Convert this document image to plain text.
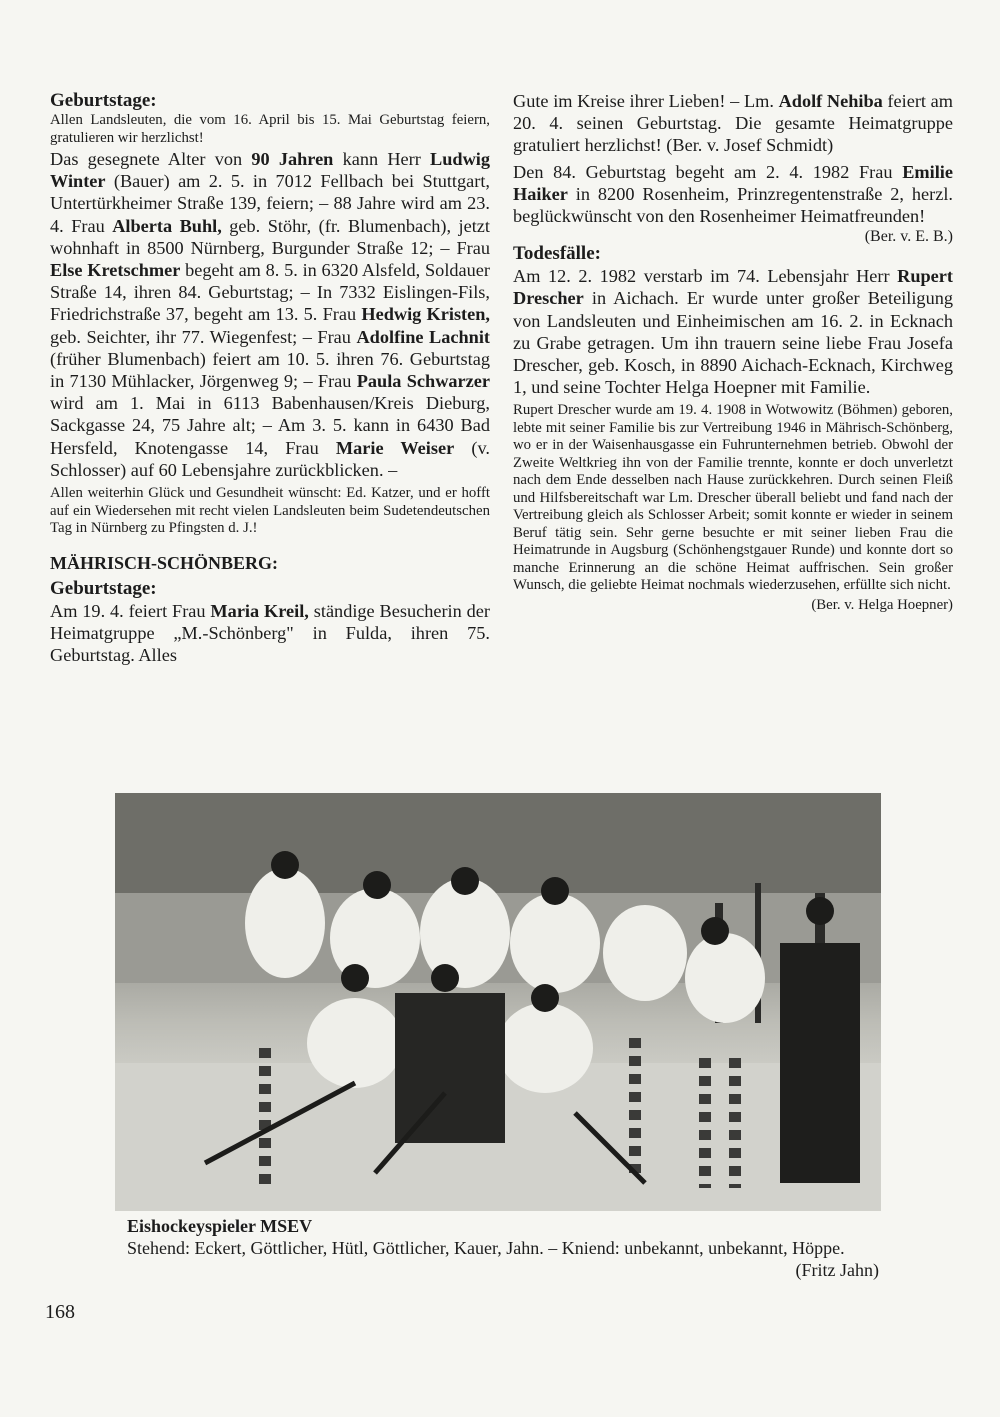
Geburtstage:

Allen Landsleuten, die vom 16. April bis 15. Mai Geburtstag feiern, gratulieren wir herzlichst!

Das gesegnete Alter von 90 Jahren kann Herr Ludwig Winter (Bauer) am 2. 5. in 7012 Fellbach bei Stuttgart, Untertürkheimer Straße 139, feiern; – 88 Jahre wird am 23. 4. Frau Alberta Buhl, geb. Stöhr, (fr. Blumenbach), jetzt wohnhaft in 8500 Nürnberg, Burgunder Straße 12; – Frau Else Kretschmer begeht am 8. 5. in 6320 Alsfeld, Soldauer Straße 14, ihren 84. Geburtstag; – In 7332 Eislingen-Fils, Friedrichstraße 37, begeht am 13. 5. Frau Hedwig Kristen, geb. Seichter, ihr 77. Wiegenfest; – Frau Adolfine Lachnit (früher Blumenbach) feiert am 10. 5. ihren 76. Geburtstag in 7130 Mühlacker, Jörgenweg 9; – Frau Paula Schwarzer wird am 1. Mai in 6113 Babenhausen/Kreis Dieburg, Sackgasse 24, 75 Jahre alt; – Am 3. 5. kann in 6430 Bad Hersfeld, Knotengasse 14, Frau Marie Weiser (v. Schlosser) auf 60 Lebensjahre zurückblicken. –

Allen weiterhin Glück und Gesundheit wünscht: Ed. Katzer, und er hofft auf ein Wiedersehen mit recht vielen Landsleuten beim Sudetendeutschen Tag in Nürnberg zu Pfingsten d. J.!

MÄHRISCH-SCHÖNBERG:

Geburtstage:

Am 19. 4. feiert Frau Maria Kreil, ständige Besucherin der Heimatgruppe „M.-Schönberg" in Fulda, ihren 75. Geburtstag. Alles

Gute im Kreise ihrer Lieben! – Lm. Adolf Nehiba feiert am 20. 4. seinen Geburtstag. Die gesamte Heimatgruppe gratuliert herzlichst! (Ber. v. Josef Schmidt)

Den 84. Geburtstag begeht am 2. 4. 1982 Frau Emilie Haiker in 8200 Rosenheim, Prinzregentenstraße 2, herzl. beglückwünscht von den Rosenheimer Heimatfreunden!

(Ber. v. E. B.)

Todesfälle:

Am 12. 2. 1982 verstarb im 74. Lebensjahr Herr Rupert Drescher in Aichach. Er wurde unter großer Beteiligung von Landsleuten und Einheimischen am 16. 2. in Ecknach zu Grabe getragen. Um ihn trauern seine liebe Frau Josefa Drescher, geb. Kosch, in 8890 Aichach-Ecknach, Kirchweg 1, und seine Tochter Helga Hoepner mit Familie.

Rupert Drescher wurde am 19. 4. 1908 in Wotwowitz (Böhmen) geboren, lebte mit seiner Familie bis zur Vertreibung 1946 in Mährisch-Schönberg, wo er in der Waisenhausgasse ein Fuhrunternehmen betrieb. Obwohl der Zweite Weltkrieg ihn von der Familie trennte, konnte er doch unverletzt nach dem Ende desselben nach Hause zurückkehren. Durch seinen Fleiß und Hilfsbereitschaft war Lm. Drescher überall beliebt und fand nach der Vertreibung gleich als Schlosser Arbeit; somit konnte er wieder in seinem Beruf tätig sein. Sehr gerne besuchte er mit seiner lieben Frau die Heimatrunde in Augsburg (Schönhengstgauer Runde) und konnte dort so manche Erinnerung an die schöne Heimat auffrischen. Sein großer Wunsch, die geliebte Heimat nochmals wiederzusehen, erfüllte sich nicht.

(Ber. v. Helga Hoepner)

Eishockeyspieler MSEV

Stehend: Eckert, Göttlicher, Hütl, Göttlicher, Kauer, Jahn. – Kniend: unbekannt, unbekannt, Höppe.
(Fritz Jahn)

168
